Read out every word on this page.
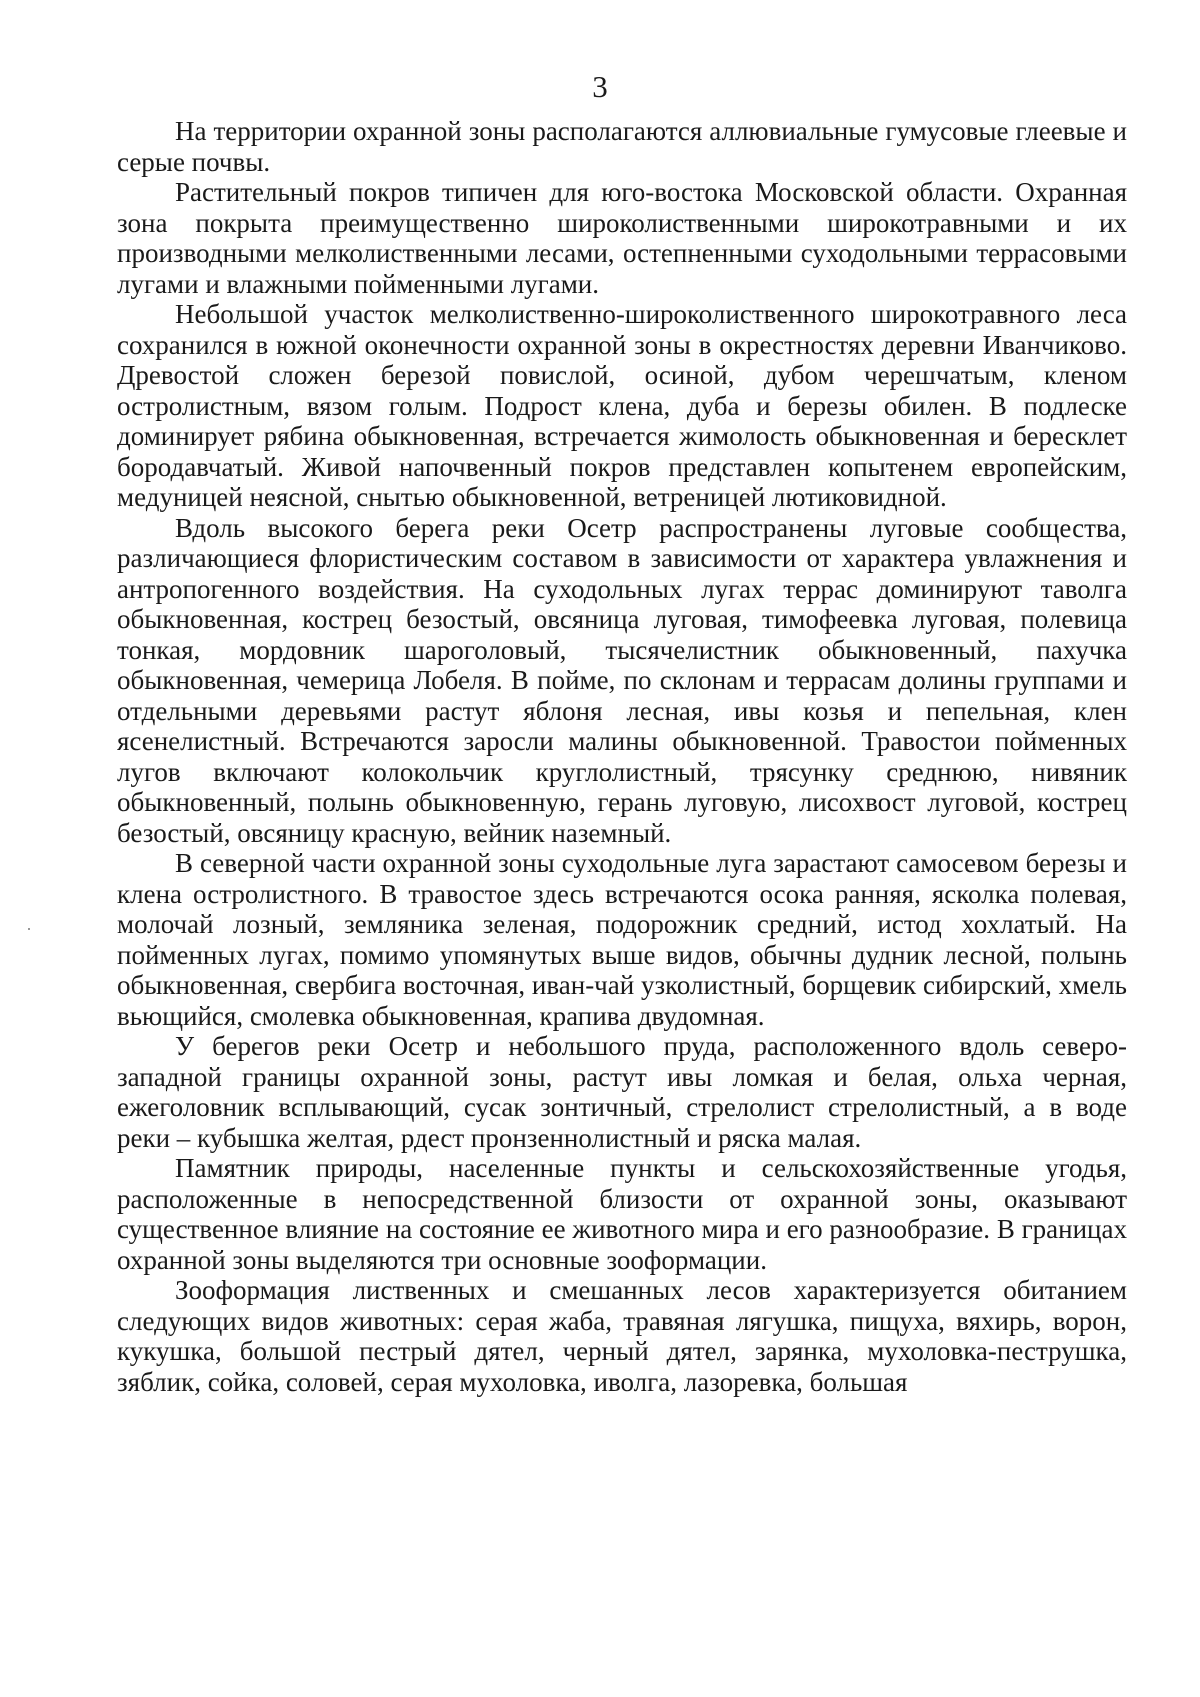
3

На территории охранной зоны располагаются аллювиальные гумусовые глеевые и серые почвы.

Растительный покров типичен для юго-востока Московской области. Охранная зона покрыта преимущественно широколиственными широкотравными и их производными мелколиственными лесами, остепненными суходольными террасовыми лугами и влажными пойменными лугами.

Небольшой участок мелколиственно-широколиственного широкотравного леса сохранился в южной оконечности охранной зоны в окрестностях деревни Иванчиково. Древостой сложен березой повислой, осиной, дубом черешчатым, кленом остролистным, вязом голым. Подрост клена, дуба и березы обилен. В подлеске доминирует рябина обыкновенная, встречается жимолость обыкновенная и бересклет бородавчатый. Живой напочвенный покров представлен копытенем европейским, медуницей неясной, снытью обыкновенной, ветреницей лютиковидной.

Вдоль высокого берега реки Осетр распространены луговые сообщества, различающиеся флористическим составом в зависимости от характера увлажнения и антропогенного воздействия. На суходольных лугах террас доминируют таволга обыкновенная, кострец безостый, овсяница луговая, тимофеевка луговая, полевица тонкая, мордовник шароголовый, тысячелистник обыкновенный, пахучка обыкновенная, чемерица Лобеля. В пойме, по склонам и террасам долины группами и отдельными деревьями растут яблоня лесная, ивы козья и пепельная, клен ясенелистный. Встречаются заросли малины обыкновенной. Травостои пойменных лугов включают колокольчик круглолистный, трясунку среднюю, нивяник обыкновенный, полынь обыкновенную, герань луговую, лисохвост луговой, кострец безостый, овсяницу красную, вейник наземный.

В северной части охранной зоны суходольные луга зарастают самосевом березы и клена остролистного. В травостое здесь встречаются осока ранняя, ясколка полевая, молочай лозный, земляника зеленая, подорожник средний, истод хохлатый. На пойменных лугах, помимо упомянутых выше видов, обычны дудник лесной, полынь обыкновенная, свербига восточная, иван-чай узколистный, борщевик сибирский, хмель вьющийся, смолевка обыкновенная, крапива двудомная.

У берегов реки Осетр и небольшого пруда, расположенного вдоль северо-западной границы охранной зоны, растут ивы ломкая и белая, ольха черная, ежеголовник всплывающий, сусак зонтичный, стрелолист стрелолистный, а в воде реки – кубышка желтая, рдест пронзеннолистный и ряска малая.

Памятник природы, населенные пункты и сельскохозяйственные угодья, расположенные в непосредственной близости от охранной зоны, оказывают существенное влияние на состояние ее животного мира и его разнообразие. В границах охранной зоны выделяются три основные зоoформации.

Зооформация лиственных и смешанных лесов характеризуется обитанием следующих видов животных: серая жаба, травяная лягушка, пищуха, вяхирь, ворон, кукушка, большой пестрый дятел, черный дятел, зарянка, мухоловка-пеструшка, зяблик, сойка, соловей, серая мухоловка, иволга, лазоревка, большая
